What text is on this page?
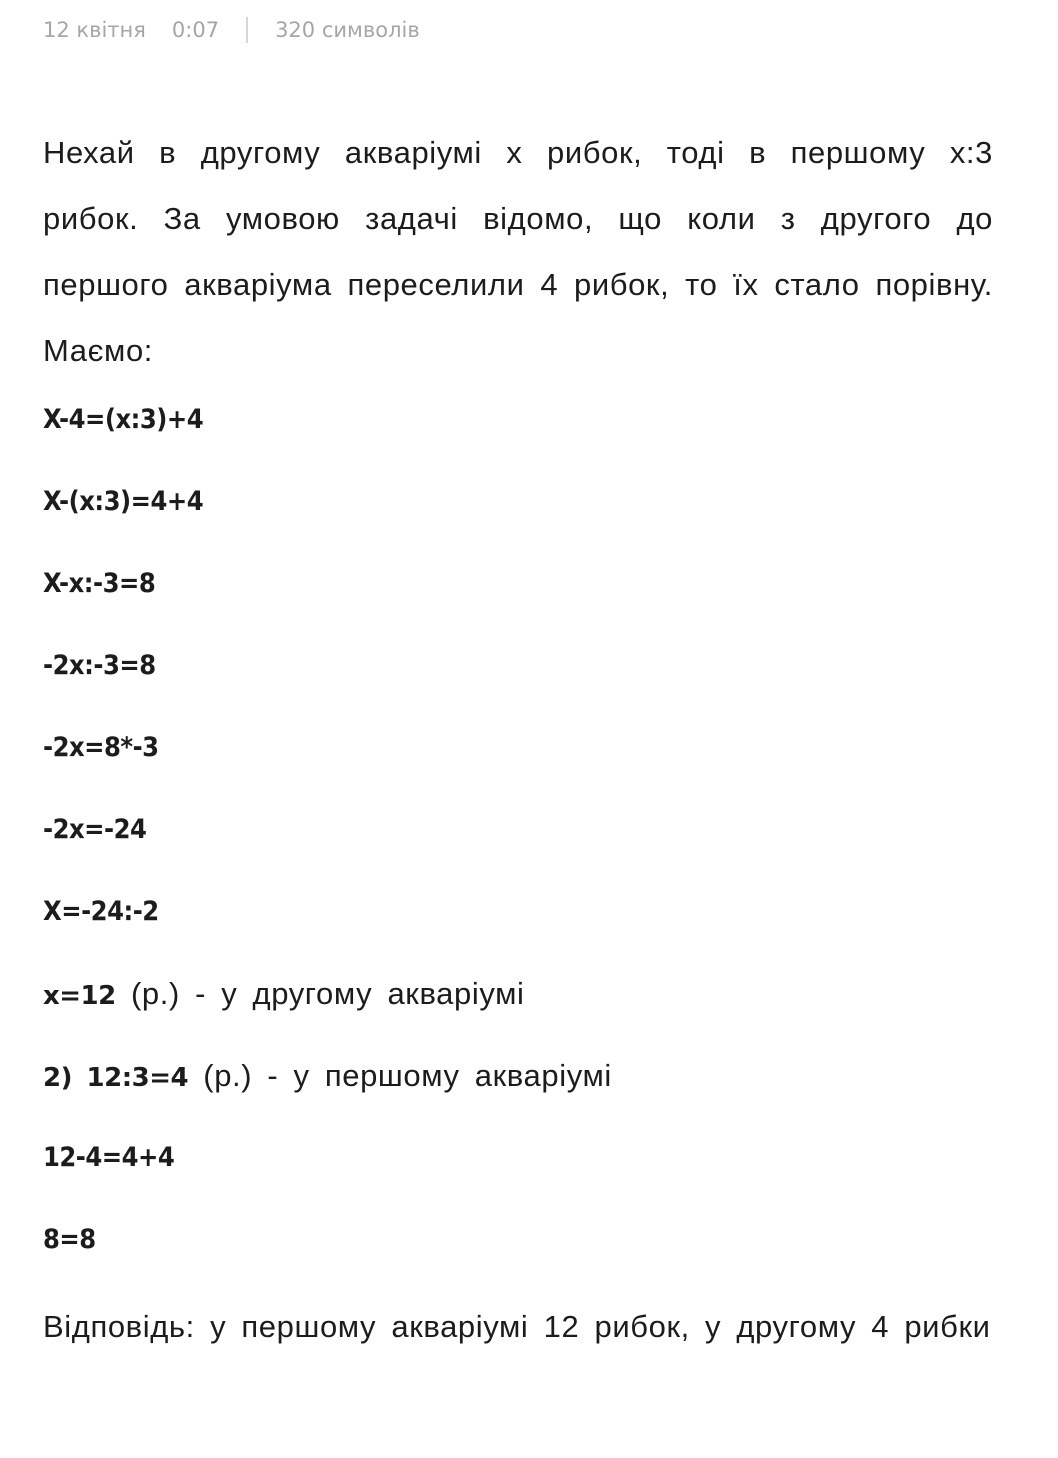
12 квітня 0:07	320 символів

Нехай в другому акваріумі x рибок, тоді в першому x:3 рибок. За умовою задачі відомо, що коли з другого до першого акваріума переселили 4 рибок, то їх стало порівну. Маємо:

X-4=(x:3)+4

X-(x:3)=4+4

X-x:-3=8

-2x:-3=8

-2x=8*-3

-2x=-24

X=-24:-2

x=12 (р.) - у другому акваріумі

2) 12:3=4 (р.) - у першому акваріумі

12-4=4+4

8=8

Відповідь: у першому акваріумі 12 рибок, у другому 4 рибки
